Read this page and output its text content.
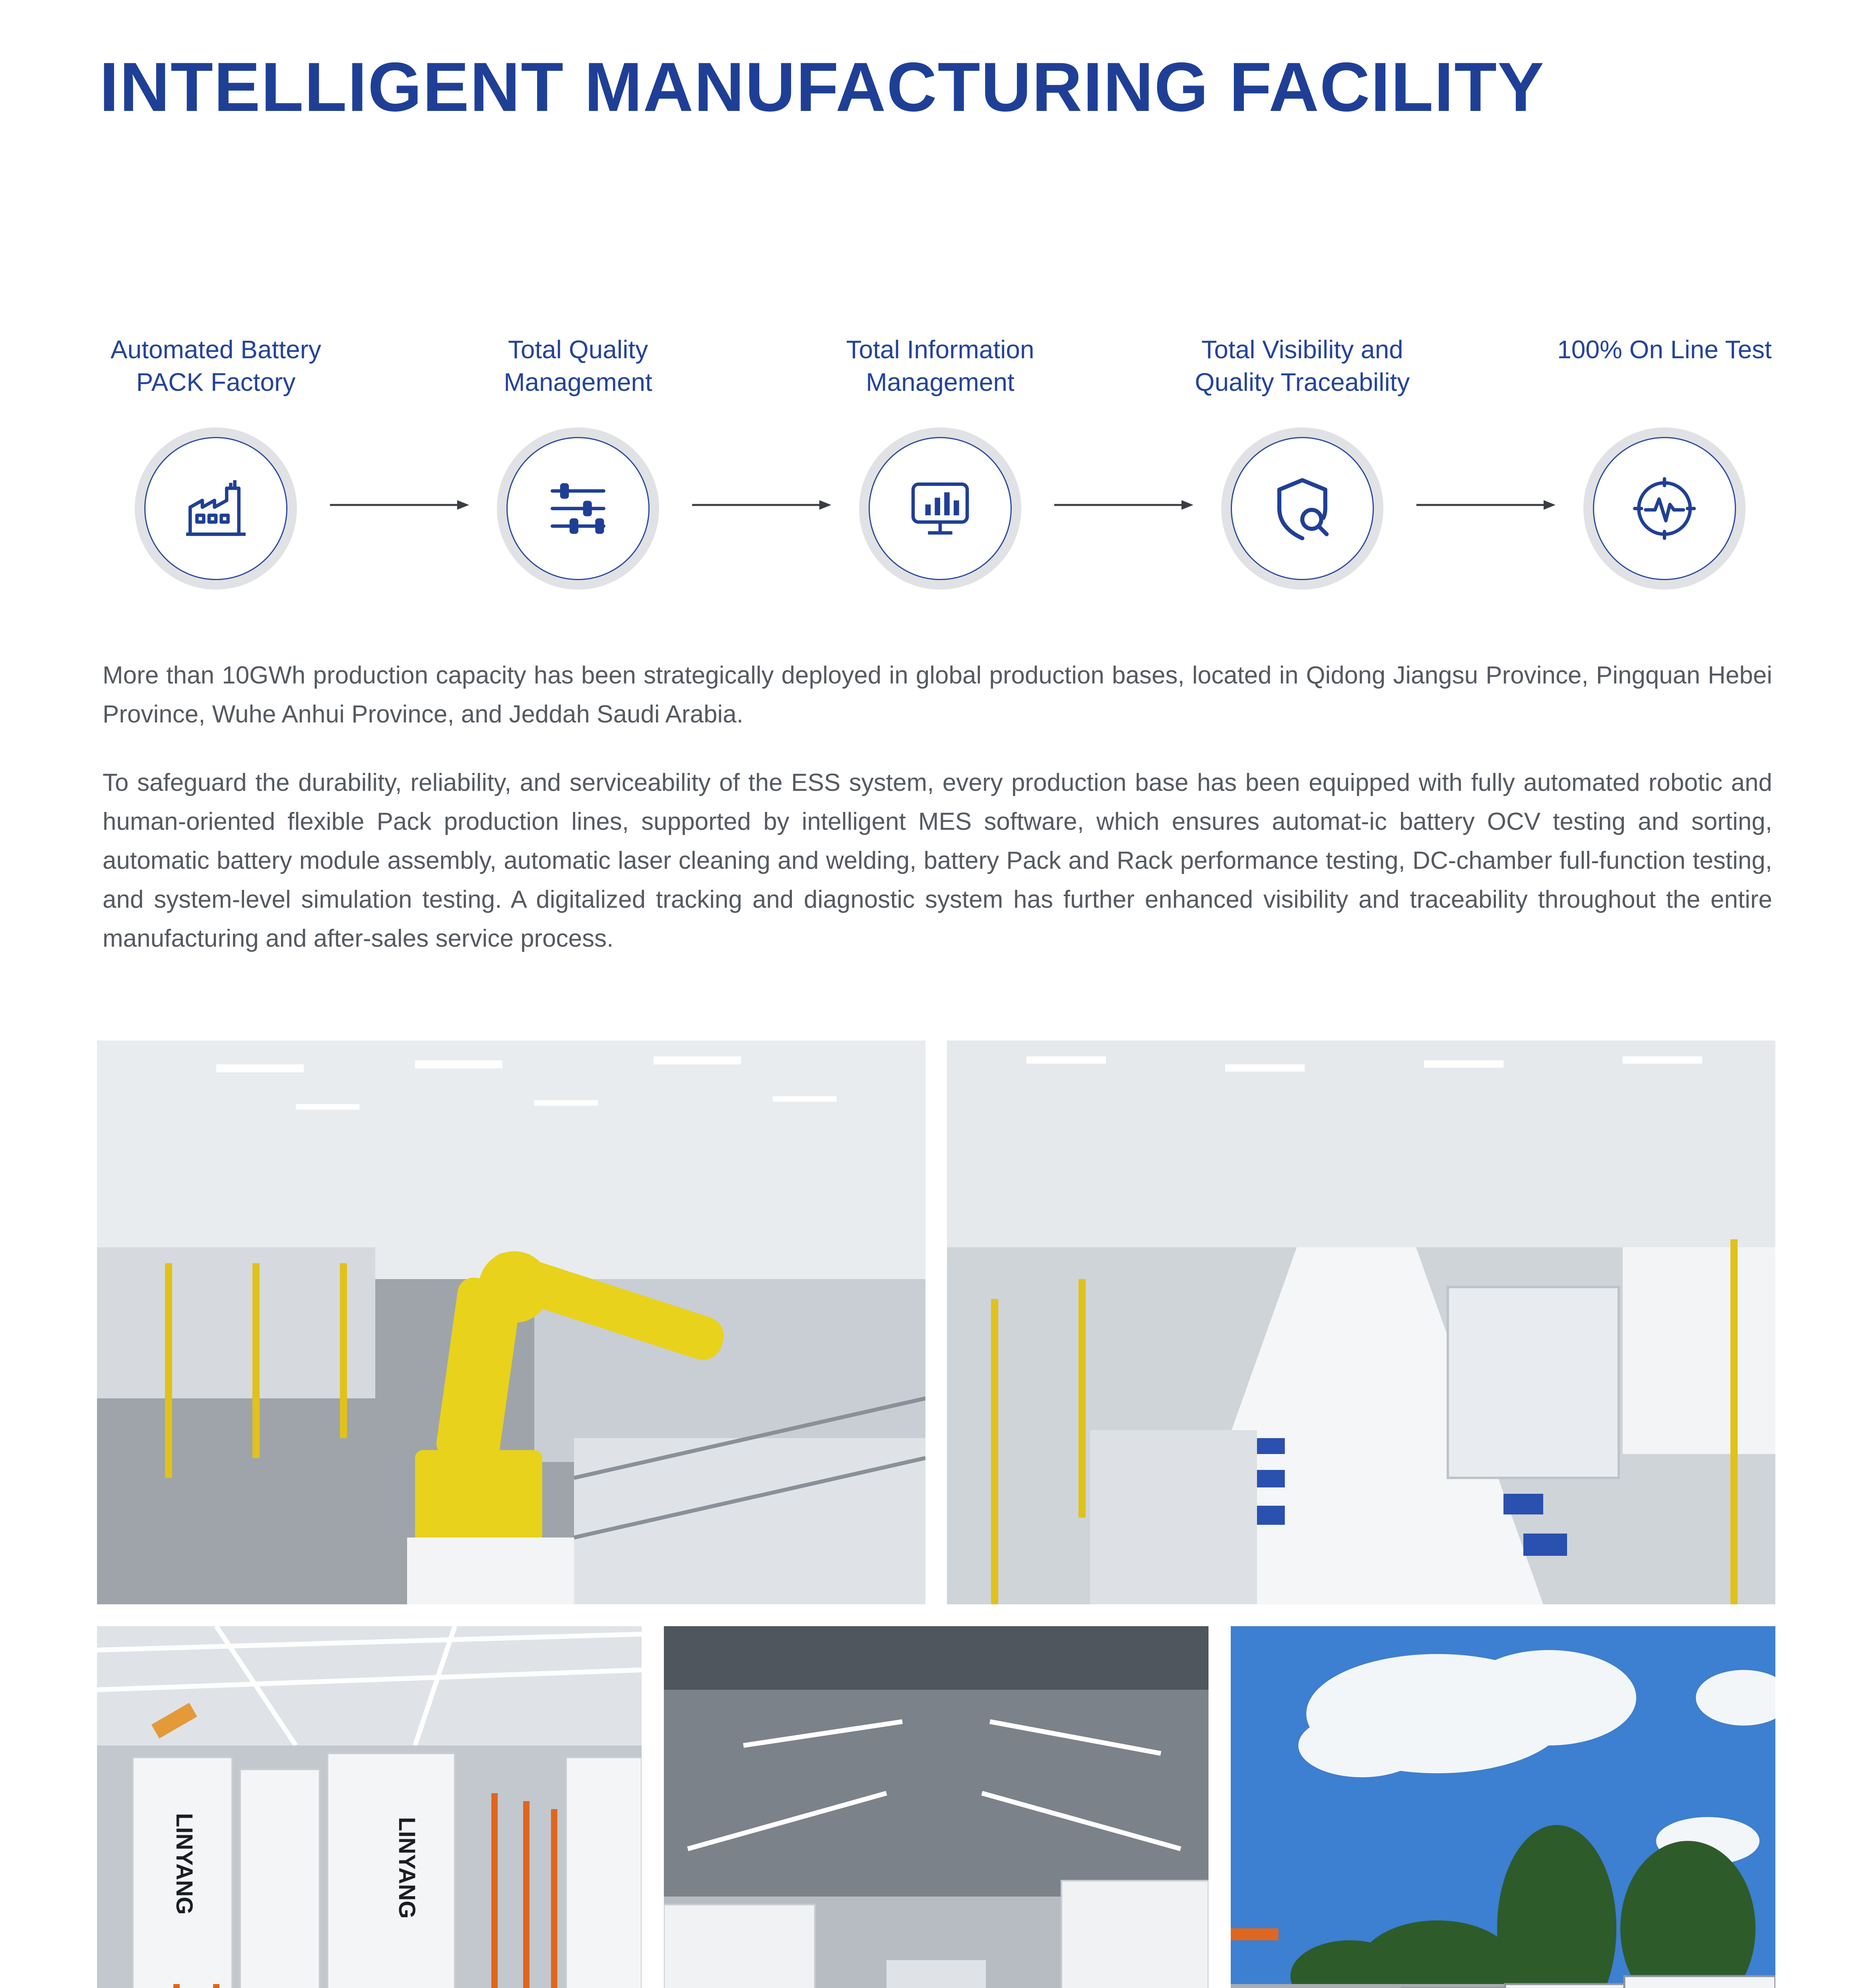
INTELLIGENT MANUFACTURING FACILITY
Automated Battery
PACK Factory
Total Quality
Management
Total Information
Management
Total Visibility and
Quality Traceability
100% On Line Test

More than 10GWh production capacity has been strategically deployed in global production bases, located in Qidong Jiangsu Province, Pingquan Hebei Province, Wuhe Anhui Province, and Jeddah Saudi Arabia.

To safeguard the durability, reliability, and serviceability of the ESS system, every production base has been equipped with fully automated robotic and human-oriented flexible Pack production lines, supported by intelligent MES software, which ensures automat-ic battery OCV testing and sorting, automatic battery module assembly, automatic laser cleaning and welding, battery Pack and Rack performance testing, DC-chamber full-function testing, and system-level simulation testing. A digitalized tracking and diagnostic system has further enhanced visibility and traceability throughout the entire manufacturing and after-sales service process.

LINYANG	LINYANG
